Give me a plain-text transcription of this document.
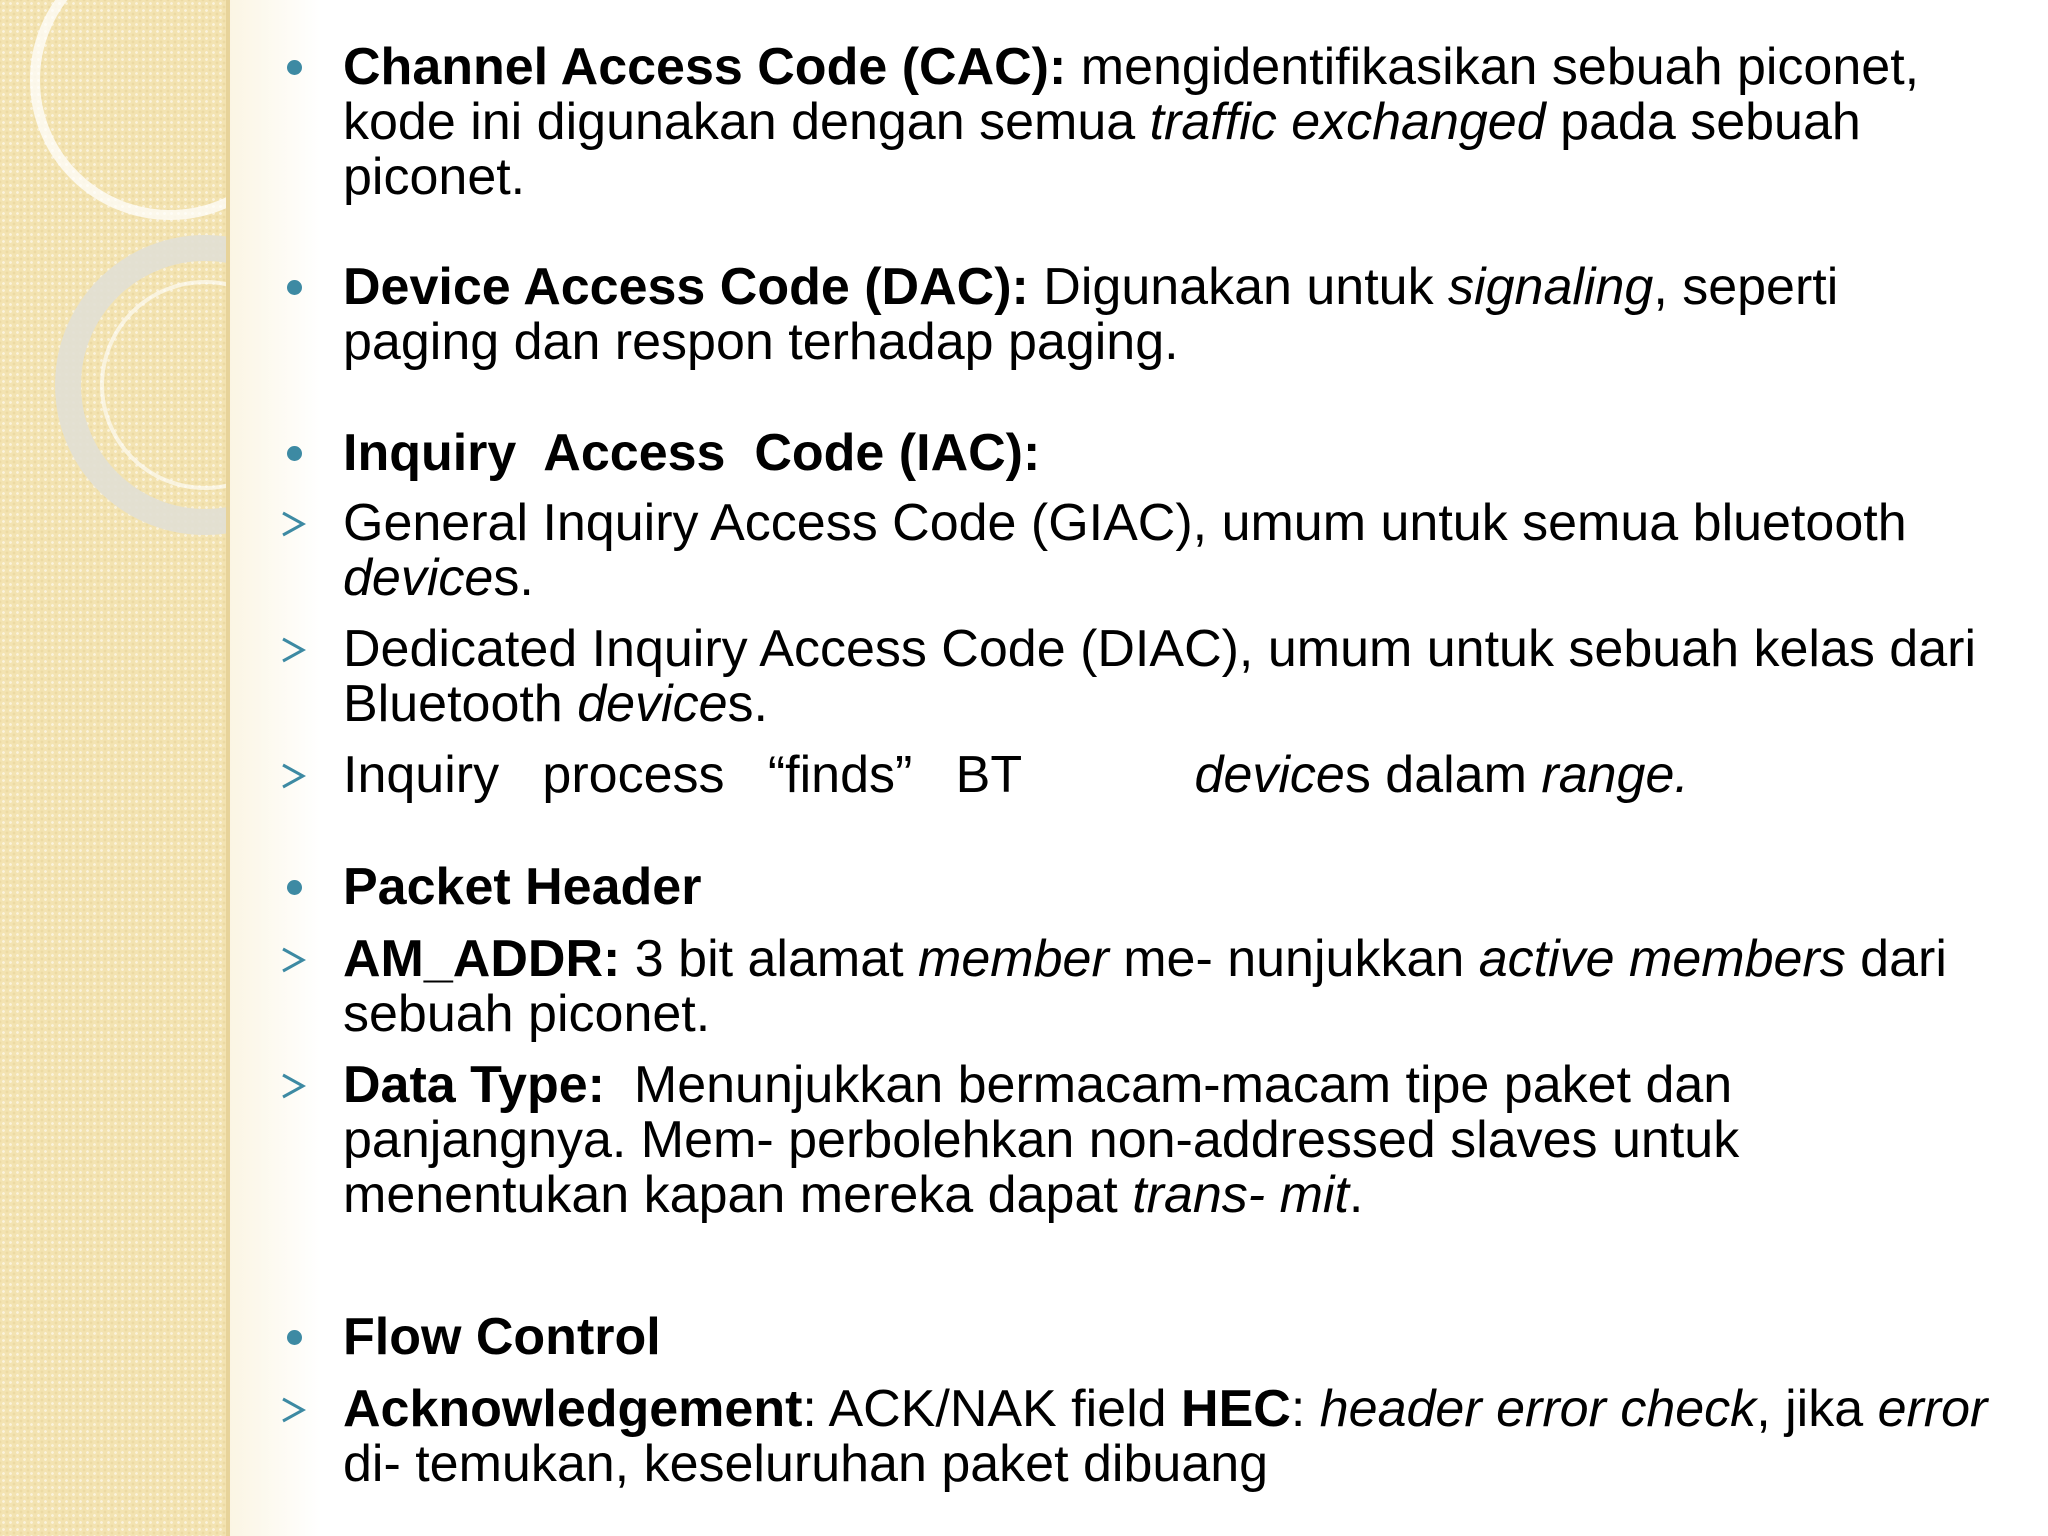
Channel Access Code (CAC): mengidentifikasikan sebuah piconet, kode ini digunakan dengan semua traffic exchanged pada sebuah piconet.
Device Access Code (DAC): Digunakan untuk signaling, seperti paging dan respon terhadap paging.
Inquiry  Access  Code (IAC):
General Inquiry Access Code (GIAC), umum untuk semua bluetooth devices.
Dedicated Inquiry Access Code (DIAC), umum untuk sebuah kelas dari Bluetooth devices.
Inquiry   process   “finds”   BT            devices dalam range.
Packet Header
AM_ADDR: 3 bit alamat member me- nunjukkan active members dari sebuah piconet.
Data Type:  Menunjukkan bermacam-macam tipe paket dan panjangnya. Mem- perbolehkan non-addressed slaves untuk menentukan kapan mereka dapat trans- mit.
Flow Control
Acknowledgement: ACK/NAK field HEC: header error check, jika error di- temukan, keseluruhan paket dibuang
